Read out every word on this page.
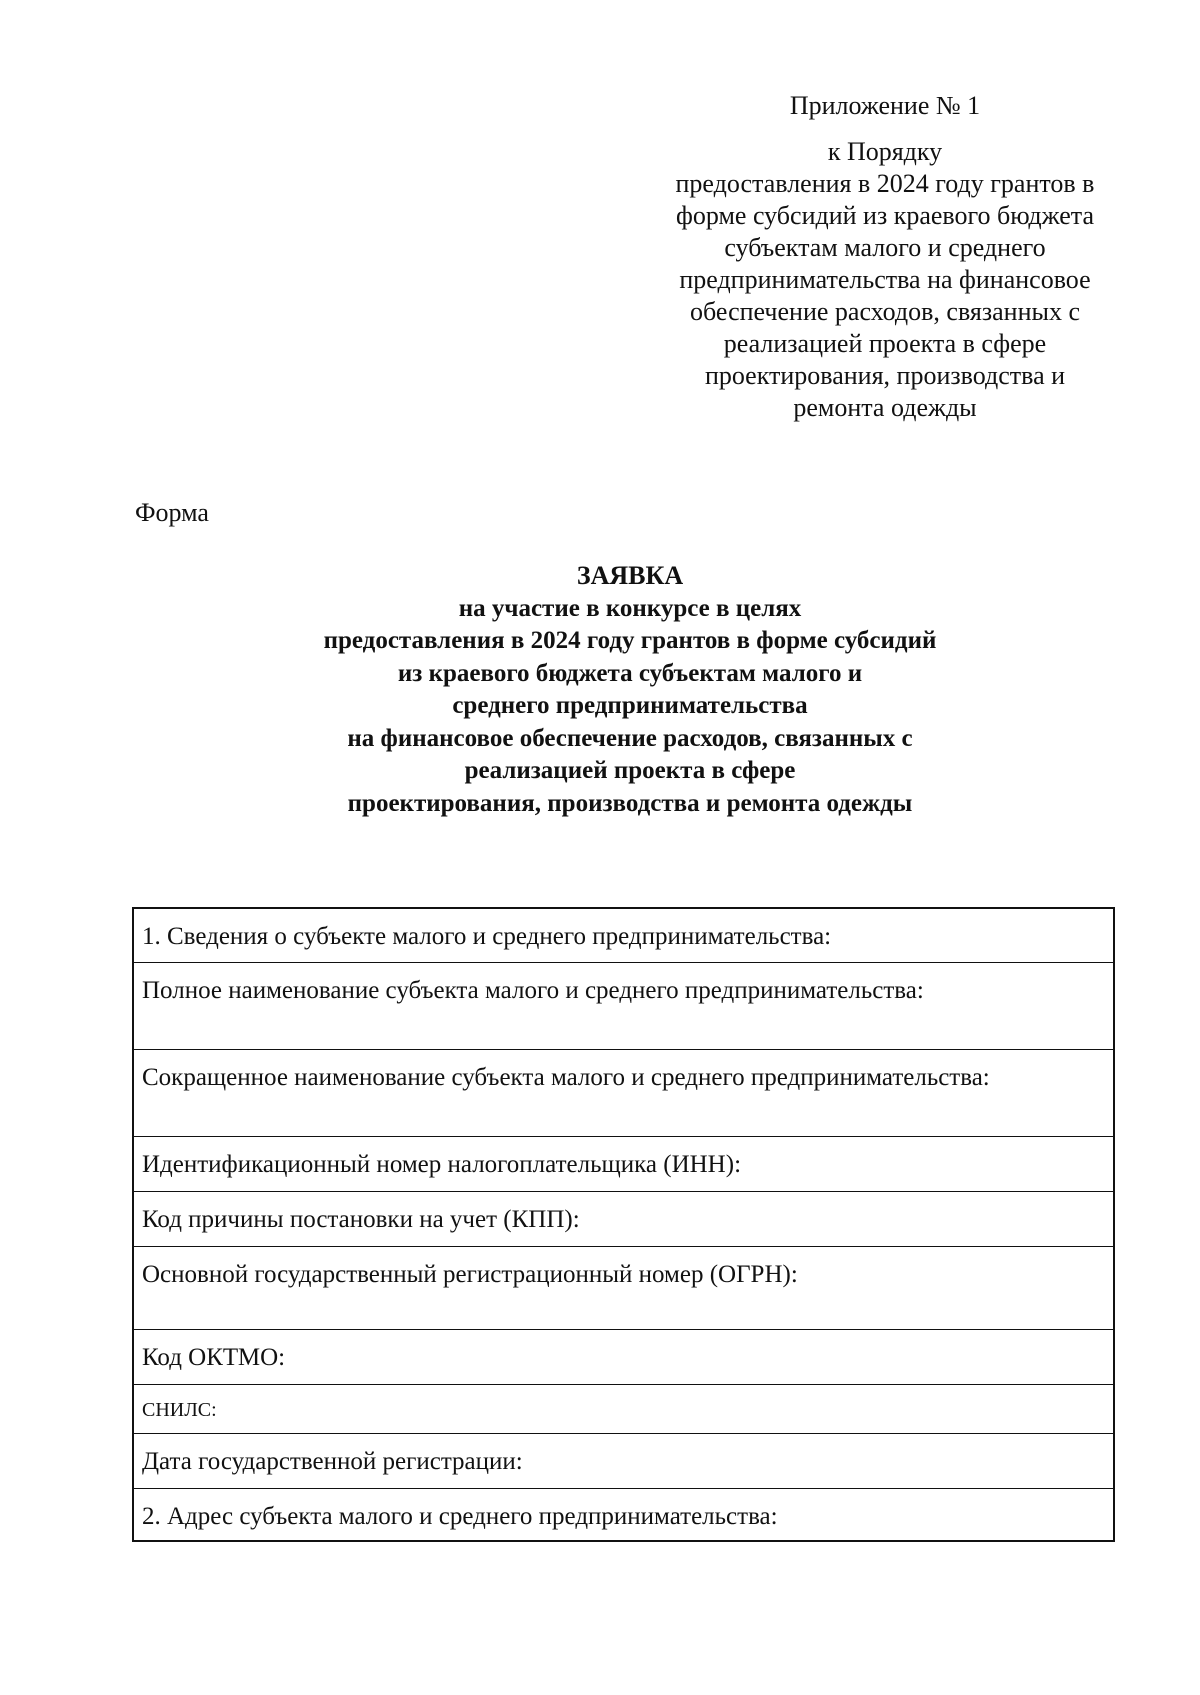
Приложение № 1
к Порядку
предоставления в 2024 году грантов в
форме субсидий из краевого бюджета
субъектам малого и среднего
предпринимательства на финансовое
обеспечение расходов, связанных с
реализацией проекта в сфере
проектирования, производства и
ремонта одежды
Форма
ЗАЯВКА
на участие в конкурсе в целях
предоставления в 2024 году грантов в форме субсидий
из краевого бюджета субъектам малого и
среднего предпринимательства
на финансовое обеспечение расходов, связанных с
реализацией проекта в сфере
проектирования, производства и ремонта одежды
1. Сведения о субъекте малого и среднего предпринимательства:
Полное наименование субъекта малого и среднего предпринимательства:
Сокращенное наименование субъекта малого и среднего предпринимательства:
Идентификационный номер налогоплательщика (ИНН):
Код причины постановки на учет (КПП):
Основной государственный регистрационный номер (ОГРН):
Код ОКТМО:
СНИЛС:
Дата государственной регистрации:
2. Адрес субъекта малого и среднего предпринимательства:
